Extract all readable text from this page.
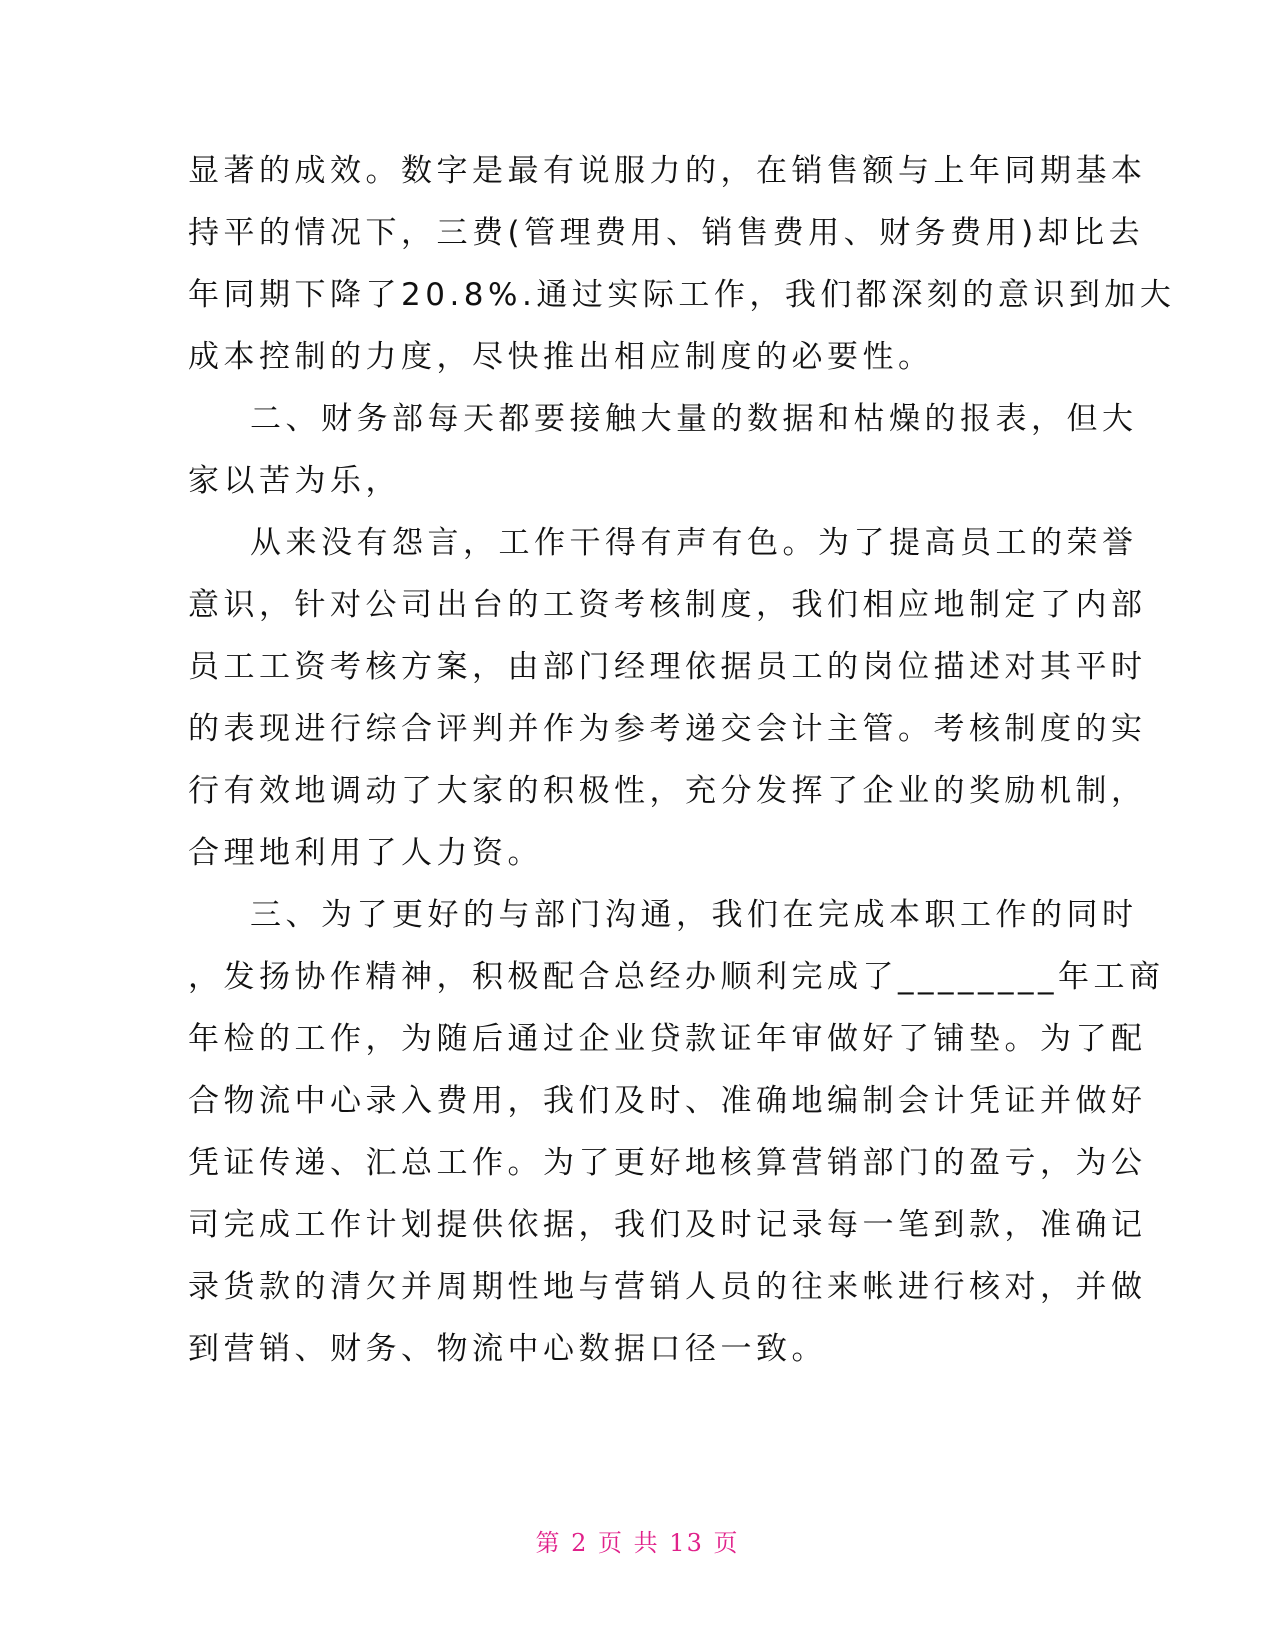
显著的成效。数字是最有说服力的，在销售额与上年同期基本
持平的情况下，三费(管理费用、销售费用、财务费用)却比去
年同期下降了20.8%.通过实际工作，我们都深刻的意识到加大
成本控制的力度，尽快推出相应制度的必要性。
二、财务部每天都要接触大量的数据和枯燥的报表，但大
家以苦为乐，
从来没有怨言，工作干得有声有色。为了提高员工的荣誉
意识，针对公司出台的工资考核制度，我们相应地制定了内部
员工工资考核方案，由部门经理依据员工的岗位描述对其平时
的表现进行综合评判并作为参考递交会计主管。考核制度的实
行有效地调动了大家的积极性，充分发挥了企业的奖励机制，
合理地利用了人力资。
三、为了更好的与部门沟通，我们在完成本职工作的同时
，发扬协作精神，积极配合总经办顺利完成了________年工商
年检的工作，为随后通过企业贷款证年审做好了铺垫。为了配
合物流中心录入费用，我们及时、准确地编制会计凭证并做好
凭证传递、汇总工作。为了更好地核算营销部门的盈亏，为公
司完成工作计划提供依据，我们及时记录每一笔到款，准确记
录货款的清欠并周期性地与营销人员的往来帐进行核对，并做
到营销、财务、物流中心数据口径一致。
第 2 页 共 13 页
